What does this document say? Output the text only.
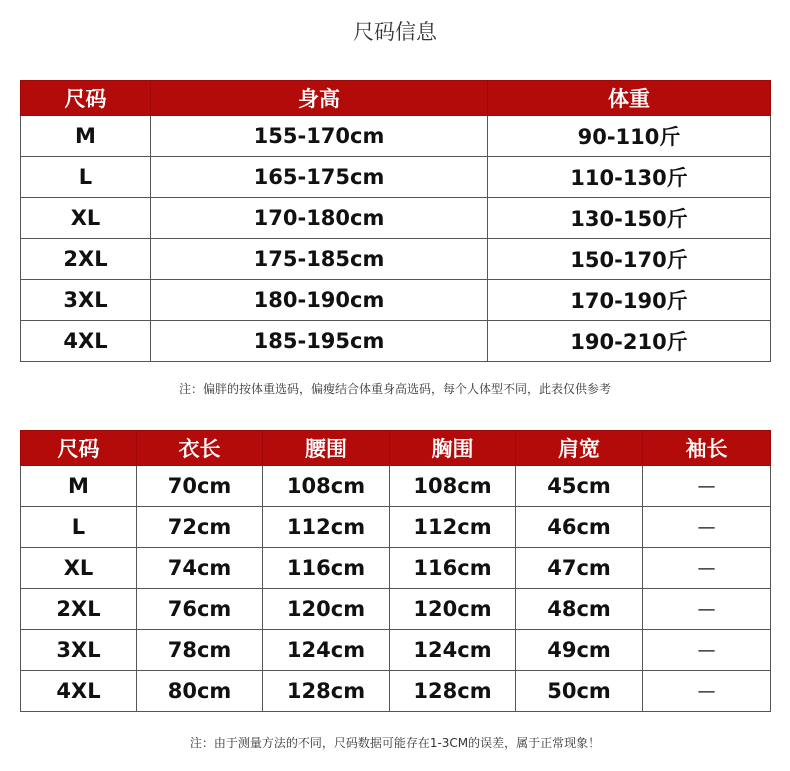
尺码信息
尺码	身高	体重
M	155-170cm	90-110斤
L	165-175cm	110-130斤
XL	170-180cm	130-150斤
2XL	175-185cm	150-170斤
3XL	180-190cm	170-190斤
4XL	185-195cm	190-210斤
注：偏胖的按体重选码，偏瘦结合体重身高选码，每个人体型不同，此表仅供参考
尺码	衣长	腰围	胸围	肩宽	袖长
M	70cm	108cm	108cm	45cm	—
L	72cm	112cm	112cm	46cm	—
XL	74cm	116cm	116cm	47cm	—
2XL	76cm	120cm	120cm	48cm	—
3XL	78cm	124cm	124cm	49cm	—
4XL	80cm	128cm	128cm	50cm	—
注：由于测量方法的不同，尺码数据可能存在1-3CM的误差，属于正常现象！
